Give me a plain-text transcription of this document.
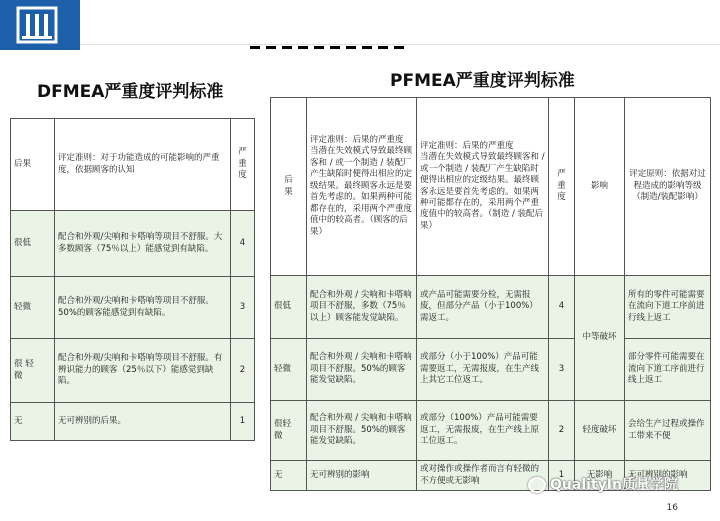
DFMEA严重度评判标准
PFMEA严重度评判标准
后果	评定准则：对于功能造成的可能影响的严重度，依据顾客的认知	严
重
度
很低	配合和外观/尖响和卡嗒响等项目不舒服。大多数顾客（75％以上）能感觉到有缺陷。	4
轻微	配合和外观/尖响和卡嗒响等项目不舒服。50%的顾客能感觉到有缺陷。	3
很 轻
微	配合和外观/尖响和卡嗒响等项目不舒服。有辨识能力的顾客（25％以下）能感觉到缺陷。	2
无	无可辨别的后果。	1
后
果	评定准则：后果的严重度
当潜在失效模式导致最终顾客和 / 或一个制造 / 装配厂产生缺陷时便得出相应的定级结果。最终顾客永远是要首先考虑的。如果两种可能都存在的，采用两个严重度值中的较高者。（顾客的后果）	评定准则：后果的严重度
当潜在失效模式导致最终顾客和 / 或一个制造 / 装配厂产生缺陷时便得出相应的定级结果。最终顾客永远是要首先考虑的。如果两种可能都存在的，采用两个严重度值中的较高者。（制造 / 装配后果）	严
重
度	影响	评定原则：依据对过程造成的影响等级（制造/装配影响）
很低	配合和外观 / 尖响和卡嗒响项目不舒服，多数（75％以上）顾客能发觉缺陷。	或产品可能需要分检，无需报废，但部分产品（小于100%）需返工。	4	中等破坏	所有的零件可能需要在流向下道工序前进行线上返工
轻微	配合和外观 / 尖响和卡嗒响项目不舒服。50%的顾客能发觉缺陷。	或部分（小于100%）产品可能需要返工，无需报废，在生产线上其它工位返工。	3		部分零件可能需要在流向下道工序前进行线上返工
很轻
微	配合和外观 / 尖响和卡嗒响项目不舒服。50%的顾客能发觉缺陷。	或部分（100%）产品可能需要返工，无需报废，在生产线上原工位返工。	2	轻度破坏	会给生产过程或操作工带来不便
无	无可辨别的影响	或对操作或操作者而言有轻微的不方便或无影响	1	无影响	无可辨别的影响
QualityIn质量学院
16
